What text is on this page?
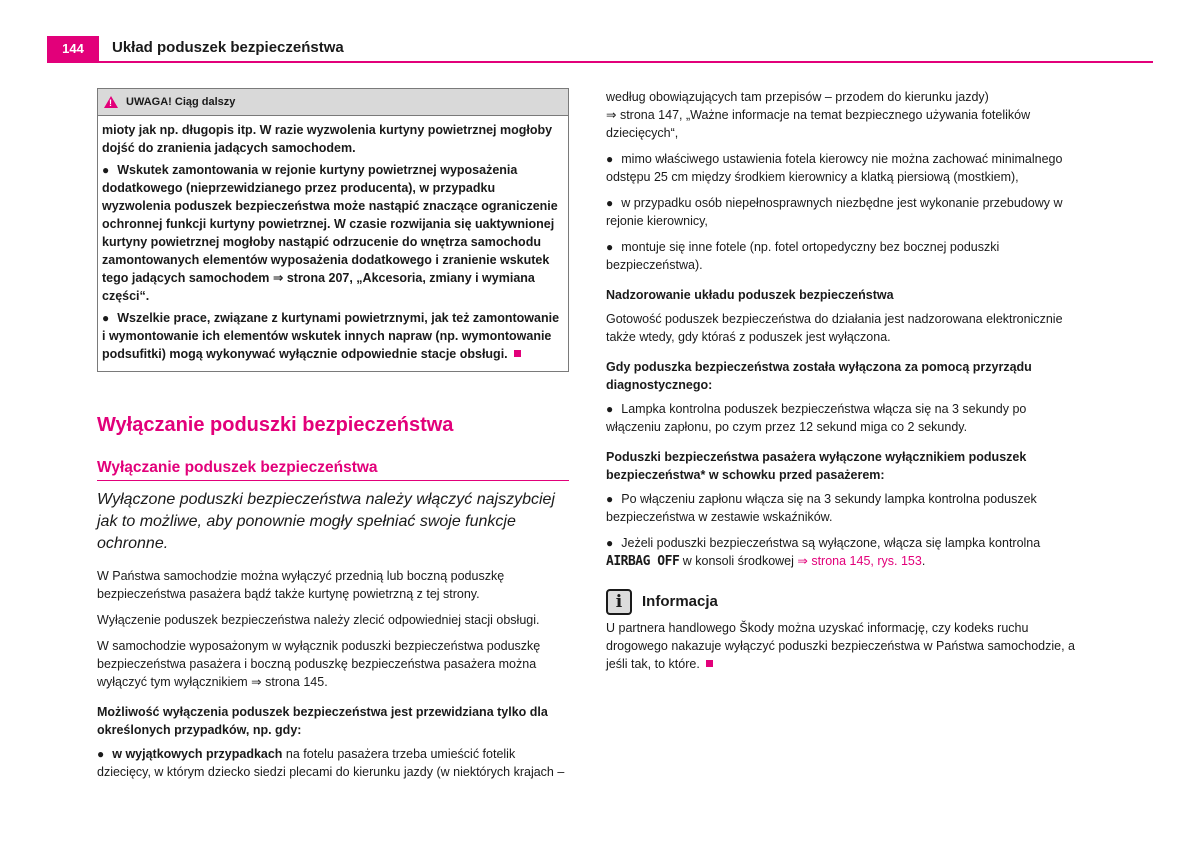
144	Układ poduszek bezpieczeństwa
! UWAGA! Ciąg dalszy

mioty jak np. długopis itp. W razie wyzwolenia kurtyny powietrznej mogłoby dojść do zranienia jadących samochodem.

● Wskutek zamontowania w rejonie kurtyny powietrznej wyposażenia dodatkowego (nieprzewidzianego przez producenta), w przypadku wyzwolenia poduszek bezpieczeństwa może nastąpić znaczące ograniczenie ochronnej funkcji kurtyny powietrznej. W czasie rozwijania się uaktywnionej kurtyny powietrznej mogłoby nastąpić odrzucenie do wnętrza samochodu zamontowanych elementów wyposażenia dodatkowego i zranienie wskutek tego jadących samochodem ⇒ strona 207, „Akcesoria, zmiany i wymiana części“.

● Wszelkie prace, związane z kurtynami powietrznymi, jak też zamontowanie i wymontowanie ich elementów wskutek innych napraw (np. wymontowanie podsufitki) mogą wykonywać wyłącznie odpowiednie stacje obsługi.

Wyłączanie poduszki bezpieczeństwa
Wyłączanie poduszek bezpieczeństwa
Wyłączone poduszki bezpieczeństwa należy włączyć najszybciej jak to możliwe, aby ponownie mogły spełniać swoje funkcje ochronne.

W Państwa samochodzie można wyłączyć przednią lub boczną poduszkę bezpieczeństwa pasażera bądź także kurtynę powietrzną z tej strony.

Wyłączenie poduszek bezpieczeństwa należy zlecić odpowiedniej stacji obsługi.

W samochodzie wyposażonym w wyłącznik poduszki bezpieczeństwa poduszkę bezpieczeństwa pasażera i boczną poduszkę bezpieczeństwa pasażera można wyłączyć tym wyłącznikiem ⇒ strona 145.

Możliwość wyłączenia poduszek bezpieczeństwa jest przewidziana tylko dla określonych przypadków, np. gdy:

● w wyjątkowych przypadkach na fotelu pasażera trzeba umieścić fotelik dziecięcy, w którym dziecko siedzi plecami do kierunku jazdy (w niektórych krajach –

według obowiązujących tam przepisów – przodem do kierunku jazdy)

⇒ strona 147, „Ważne informacje na temat bezpiecznego używania fotelików dziecięcych“,

● mimo właściwego ustawienia fotela kierowcy nie można zachować minimalnego odstępu 25 cm między środkiem kierownicy a klatką piersiową (mostkiem),

● w przypadku osób niepełnosprawnych niezbędne jest wykonanie przebudowy w rejonie kierownicy,

● montuje się inne fotele (np. fotel ortopedyczny bez bocznej poduszki bezpieczeństwa).

Nadzorowanie układu poduszek bezpieczeństwa

Gotowość poduszek bezpieczeństwa do działania jest nadzorowana elektronicznie także wtedy, gdy któraś z poduszek jest wyłączona.

Gdy poduszka bezpieczeństwa została wyłączona za pomocą przyrządu diagnostycznego:

● Lampka kontrolna poduszek bezpieczeństwa włącza się na 3 sekundy po włączeniu zapłonu, po czym przez 12 sekund miga co 2 sekundy.

Poduszki bezpieczeństwa pasażera wyłączone wyłącznikiem poduszek bezpieczeństwa* w schowku przed pasażerem:

● Po włączeniu zapłonu włącza się na 3 sekundy lampka kontrolna poduszek bezpieczeństwa w zestawie wskaźników.

● Jeżeli poduszki bezpieczeństwa są wyłączone, włącza się lampka kontrolna
AIRBAG OFF w konsoli środkowej ⇒ strona 145, rys. 153.

i	Informacja

U partnera handlowego Škody można uzyskać informację, czy kodeks ruchu drogowego nakazuje wyłączyć poduszki bezpieczeństwa w Państwa samochodzie, a jeśli tak, to które.
